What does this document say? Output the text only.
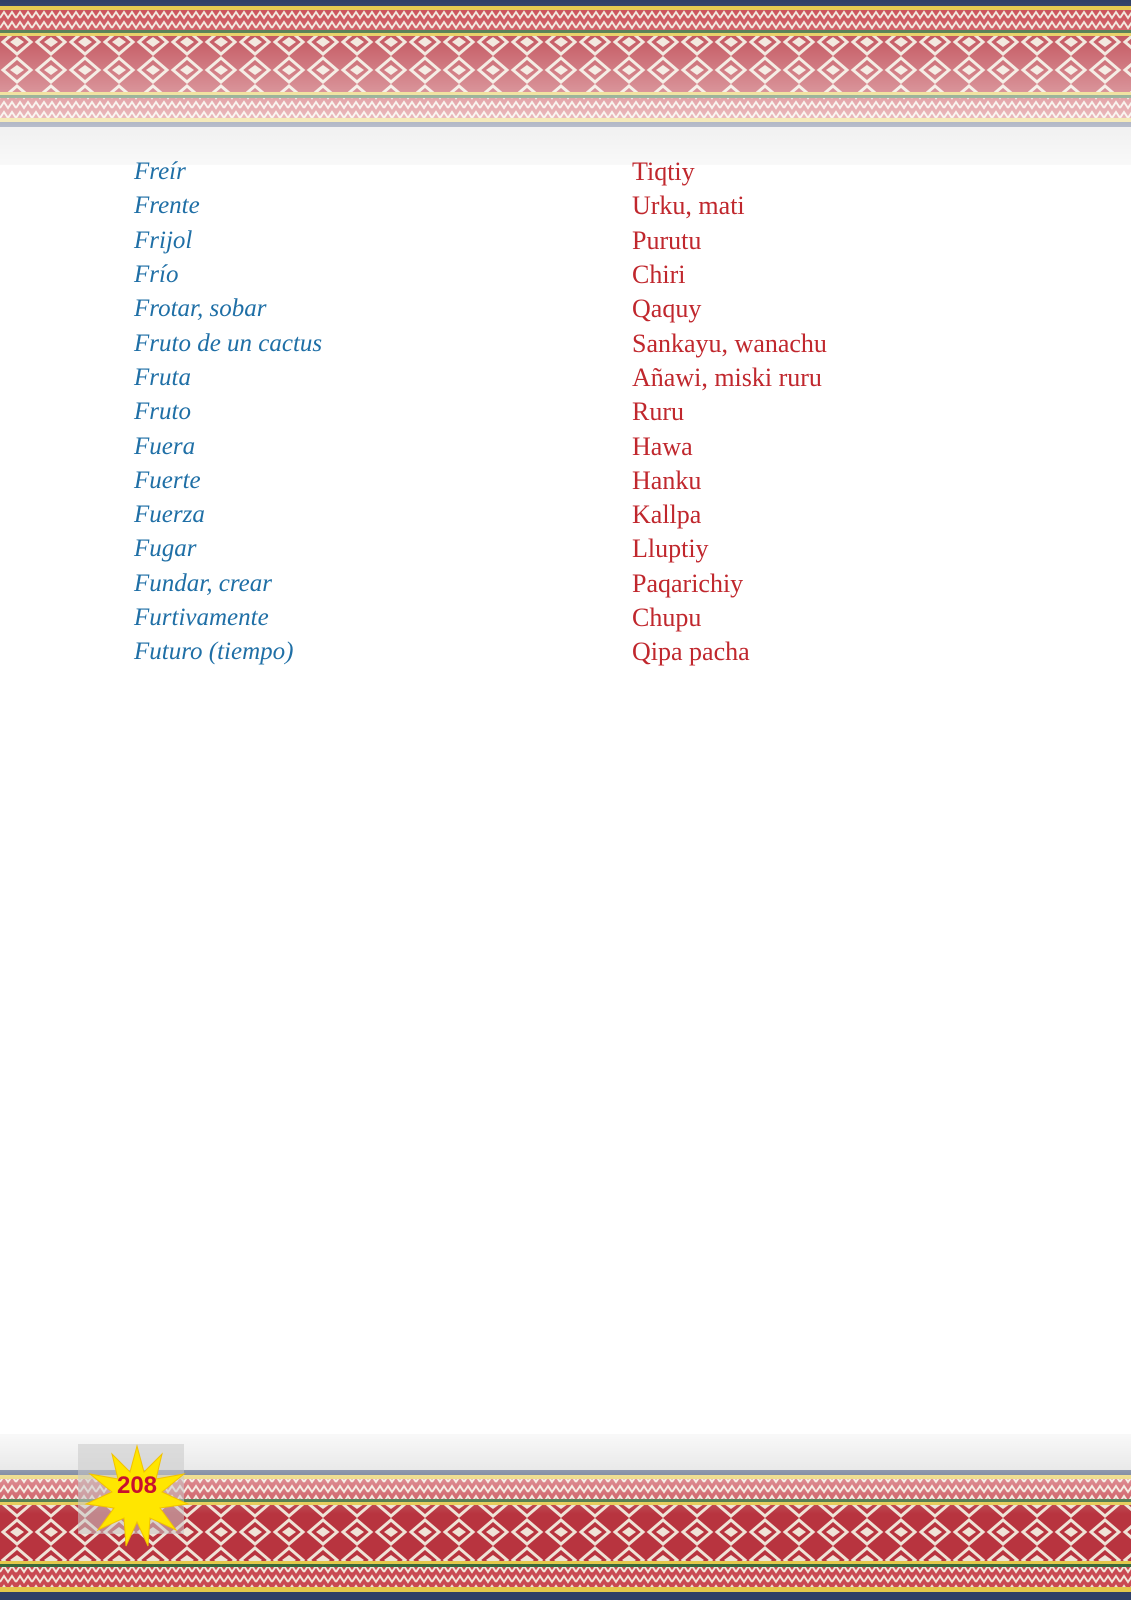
Freír	Tiqtiy
Frente	Urku, mati
Frijol	Purutu
Frío	Chiri
Frotar, sobar	Qaquy
Fruto de un cactus	Sankayu, wanachu
Fruta	Añawi, miski ruru
Fruto	Ruru
Fuera	Hawa
Fuerte	Hanku
Fuerza	Kallpa
Fugar	Lluptiy
Fundar, crear	Paqarichiy
Furtivamente	Chupu
Futuro (tiempo)	Qipa pacha
208
